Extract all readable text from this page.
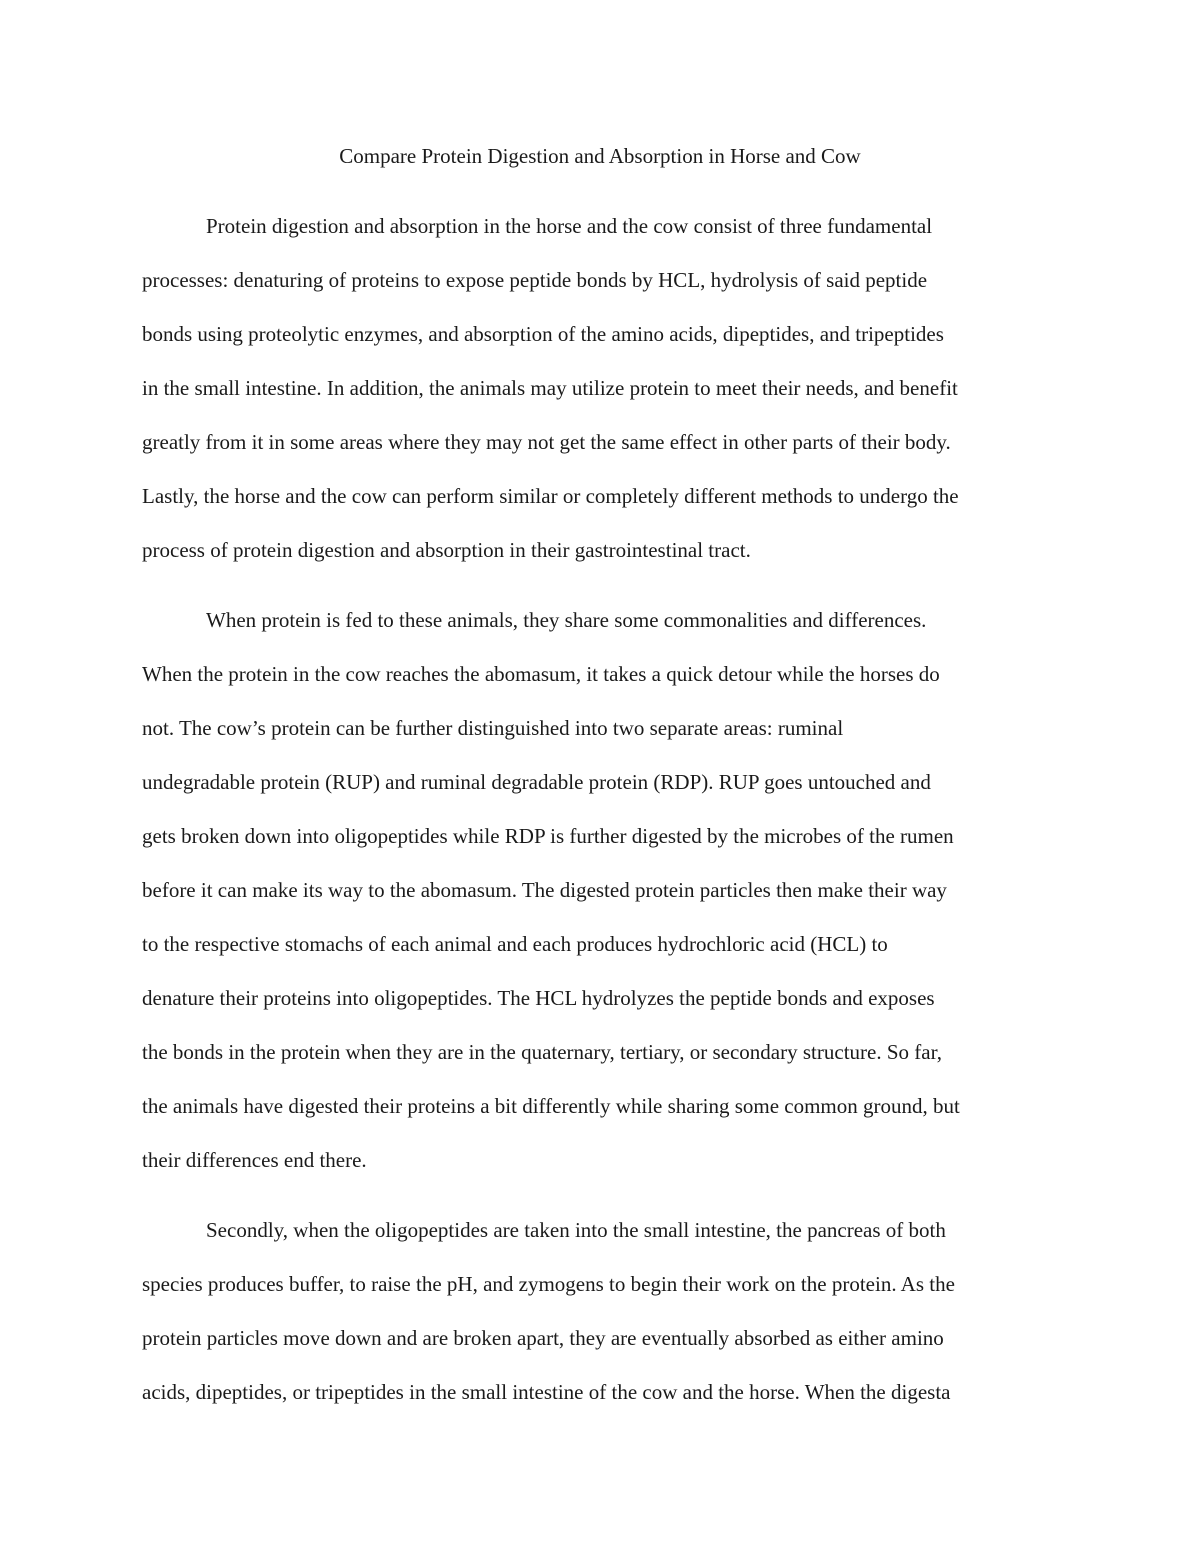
Compare Protein Digestion and Absorption in Horse and Cow
Protein digestion and absorption in the horse and the cow consist of three fundamental
processes: denaturing of proteins to expose peptide bonds by HCL, hydrolysis of said peptide
bonds using proteolytic enzymes, and absorption of the amino acids, dipeptides, and tripeptides
in the small intestine. In addition, the animals may utilize protein to meet their needs, and benefit
greatly from it in some areas where they may not get the same effect in other parts of their body.
Lastly, the horse and the cow can perform similar or completely different methods to undergo the
process of protein digestion and absorption in their gastrointestinal tract.
When protein is fed to these animals, they share some commonalities and differences.
When the protein in the cow reaches the abomasum, it takes a quick detour while the horses do
not. The cow’s protein can be further distinguished into two separate areas: ruminal
undegradable protein (RUP) and ruminal degradable protein (RDP). RUP goes untouched and
gets broken down into oligopeptides while RDP is further digested by the microbes of the rumen
before it can make its way to the abomasum. The digested protein particles then make their way
to the respective stomachs of each animal and each produces hydrochloric acid (HCL) to
denature their proteins into oligopeptides. The HCL hydrolyzes the peptide bonds and exposes
the bonds in the protein when they are in the quaternary, tertiary, or secondary structure. So far,
the animals have digested their proteins a bit differently while sharing some common ground, but
their differences end there.
Secondly, when the oligopeptides are taken into the small intestine, the pancreas of both
species produces buffer, to raise the pH, and zymogens to begin their work on the protein. As the
protein particles move down and are broken apart, they are eventually absorbed as either amino
acids, dipeptides, or tripeptides in the small intestine of the cow and the horse. When the digesta
